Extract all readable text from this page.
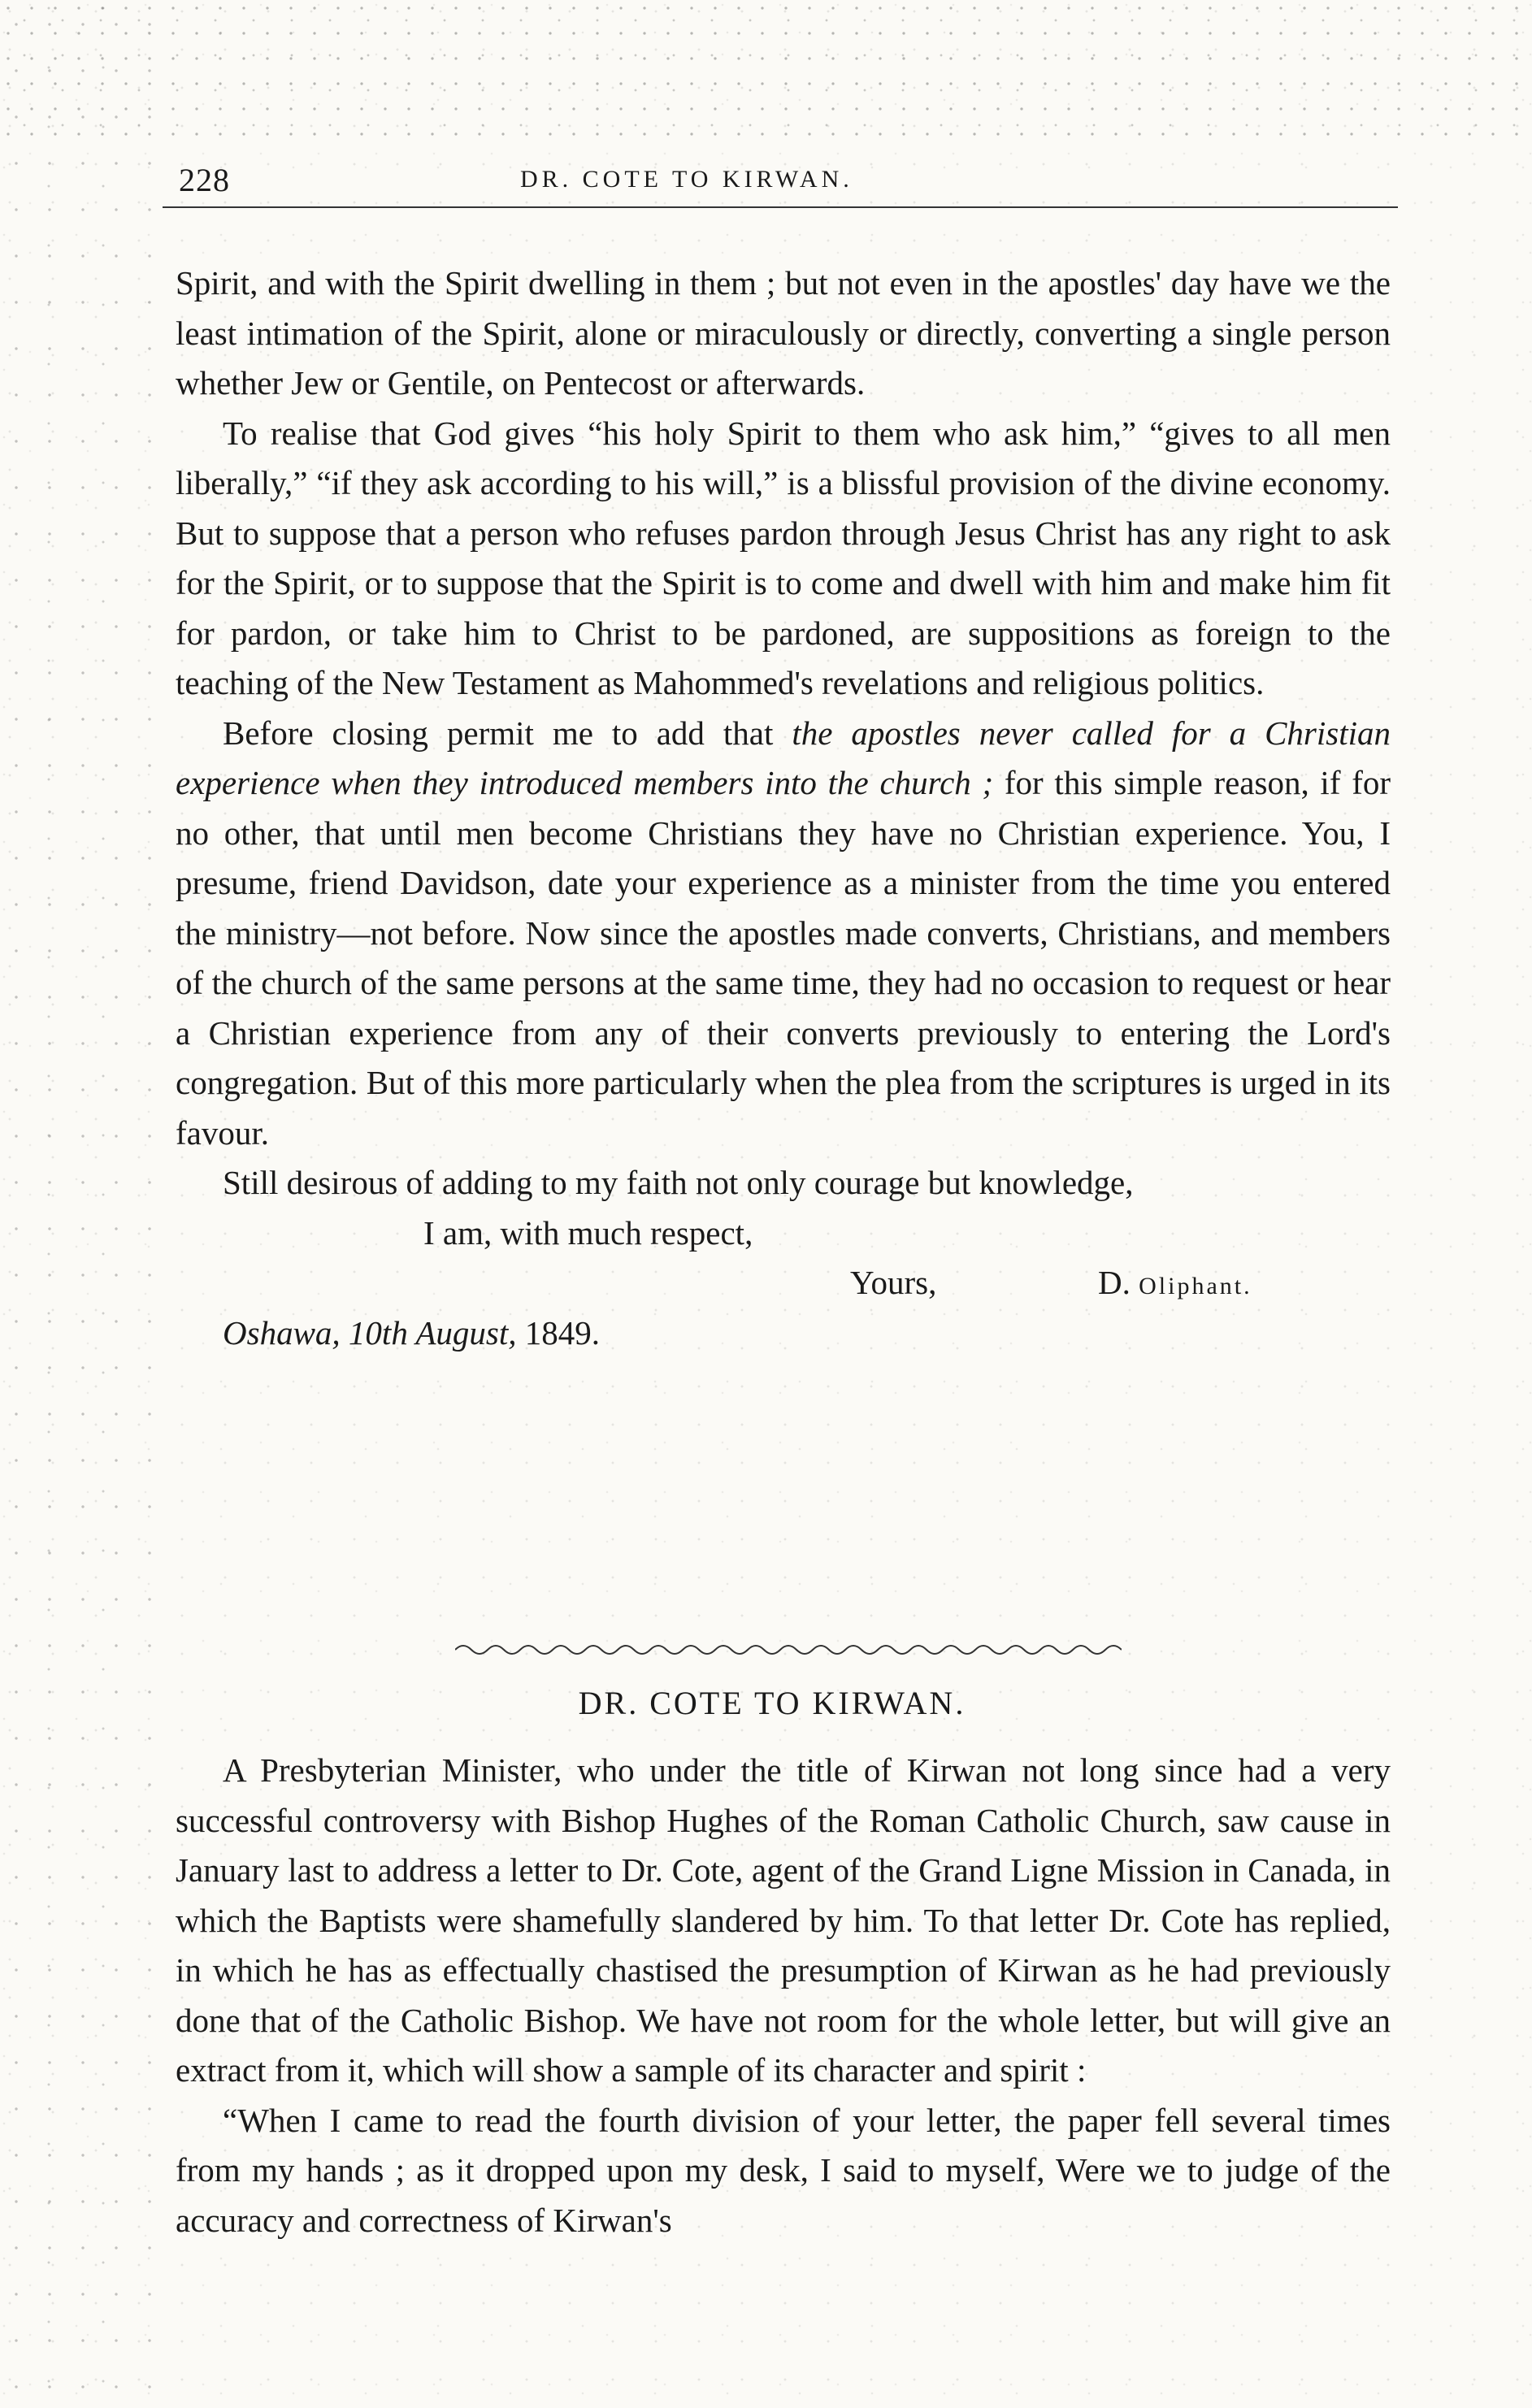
228	DR. COTE TO KIRWAN.

Spirit, and with the Spirit dwelling in them ; but not even in the apostles' day have we the least intimation of the Spirit, alone or miraculously or directly, converting a single person whether Jew or Gentile, on Pentecost or afterwards.

To realise that God gives “his holy Spirit to them who ask him,” “gives to all men liberally,” “if they ask according to his will,” is a blissful provision of the divine economy. But to suppose that a person who refuses pardon through Jesus Christ has any right to ask for the Spirit, or to suppose that the Spirit is to come and dwell with him and make him fit for pardon, or take him to Christ to be pardoned, are suppositions as foreign to the teaching of the New Testament as Mahommed's revelations and religious politics.

Before closing permit me to add that the apostles never called for a Christian experience when they introduced members into the church ; for this simple reason, if for no other, that until men become Christians they have no Christian experience. You, I presume, friend Davidson, date your experience as a minister from the time you entered the ministry—not before. Now since the apostles made converts, Christians, and members of the church of the same persons at the same time, they had no occasion to request or hear a Christian experience from any of their converts previously to entering the Lord's congregation. But of this more particularly when the plea from the scriptures is urged in its favour.

Still desirous of adding to my faith not only courage but knowledge,

I am, with much respect,
Yours,	D. Oliphant.
Oshawa, 10th August, 1849.
DR. COTE TO KIRWAN.

A Presbyterian Minister, who under the title of Kirwan not long since had a very successful controversy with Bishop Hughes of the Roman Catholic Church, saw cause in January last to address a letter to Dr. Cote, agent of the Grand Ligne Mission in Canada, in which the Baptists were shamefully slandered by him. To that letter Dr. Cote has replied, in which he has as effectually chastised the presumption of Kirwan as he had previously done that of the Catholic Bishop. We have not room for the whole letter, but will give an extract from it, which will show a sample of its character and spirit :

“When I came to read the fourth division of your letter, the paper fell several times from my hands ; as it dropped upon my desk, I said to myself, Were we to judge of the accuracy and correctness of Kirwan's
